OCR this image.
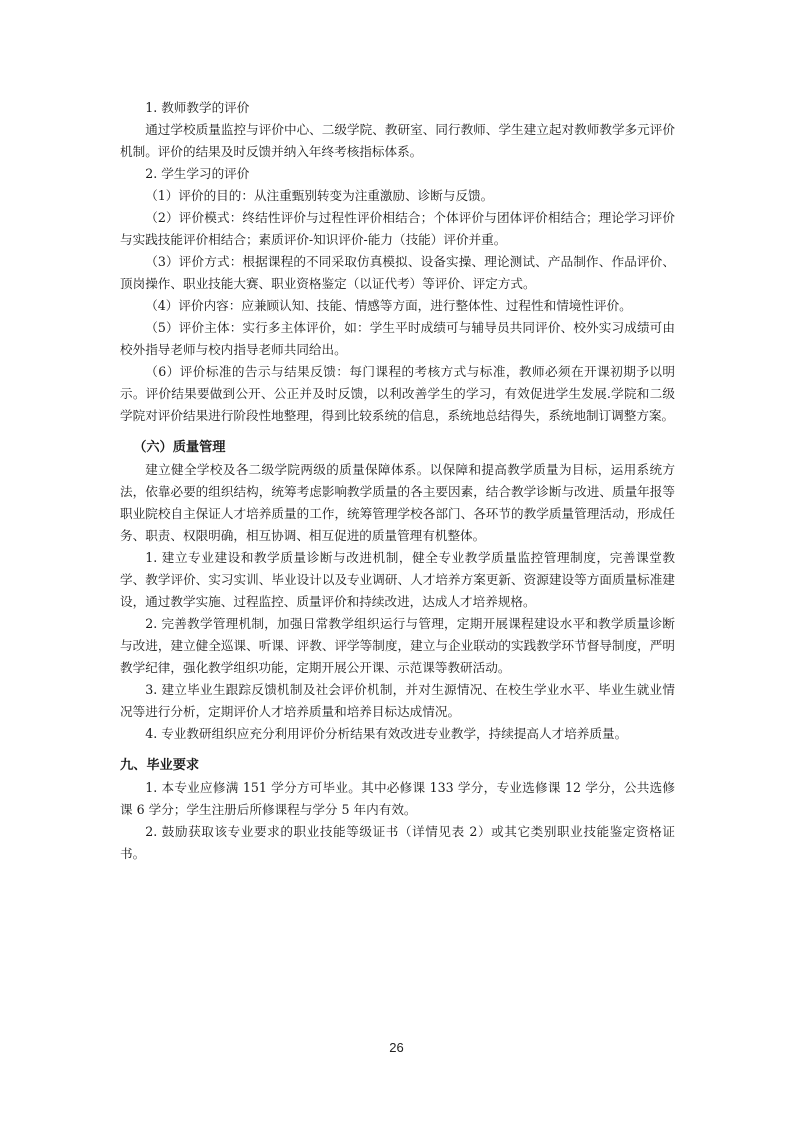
1. 教师教学的评价

通过学校质量监控与评价中心、二级学院、教研室、同行教师、学生建立起对教师教学多元评价机制。评价的结果及时反馈并纳入年终考核指标体系。

2. 学生学习的评价

（1）评价的目的：从注重甄别转变为注重激励、诊断与反馈。

（2）评价模式：终结性评价与过程性评价相结合；个体评价与团体评价相结合；理论学习评价与实践技能评价相结合；素质评价-知识评价-能力（技能）评价并重。

（3）评价方式：根据课程的不同采取仿真模拟、设备实操、理论测试、产品制作、作品评价、顶岗操作、职业技能大赛、职业资格鉴定（以证代考）等评价、评定方式。

（4）评价内容：应兼顾认知、技能、情感等方面，进行整体性、过程性和情境性评价。

（5）评价主体：实行多主体评价，如：学生平时成绩可与辅导员共同评价、校外实习成绩可由校外指导老师与校内指导老师共同给出。

（6）评价标准的告示与结果反馈：每门课程的考核方式与标准，教师必须在开课初期予以明示。评价结果要做到公开、公正并及时反馈，以利改善学生的学习，有效促进学生发展.学院和二级学院对评价结果进行阶段性地整理，得到比较系统的信息，系统地总结得失，系统地制订调整方案。

（六）质量管理

建立健全学校及各二级学院两级的质量保障体系。以保障和提高教学质量为目标，运用系统方法，依靠必要的组织结构，统筹考虑影响教学质量的各主要因素，结合教学诊断与改进、质量年报等职业院校自主保证人才培养质量的工作，统筹管理学校各部门、各环节的教学质量管理活动，形成任务、职责、权限明确，相互协调、相互促进的质量管理有机整体。

1. 建立专业建设和教学质量诊断与改进机制，健全专业教学质量监控管理制度，完善课堂教学、教学评价、实习实训、毕业设计以及专业调研、人才培养方案更新、资源建设等方面质量标准建设，通过教学实施、过程监控、质量评价和持续改进，达成人才培养规格。

2. 完善教学管理机制，加强日常教学组织运行与管理，定期开展课程建设水平和教学质量诊断与改进，建立健全巡课、听课、评教、评学等制度，建立与企业联动的实践教学环节督导制度，严明教学纪律，强化教学组织功能，定期开展公开课、示范课等教研活动。

3. 建立毕业生跟踪反馈机制及社会评价机制，并对生源情况、在校生学业水平、毕业生就业情况等进行分析，定期评价人才培养质量和培养目标达成情况。

4. 专业教研组织应充分利用评价分析结果有效改进专业教学，持续提高人才培养质量。

九、毕业要求

1. 本专业应修满 151 学分方可毕业。其中必修课 133 学分，专业选修课 12 学分，公共选修课 6 学分；学生注册后所修课程与学分 5 年内有效。

2. 鼓励获取该专业要求的职业技能等级证书（详情见表 2）或其它类别职业技能鉴定资格证书。

26
